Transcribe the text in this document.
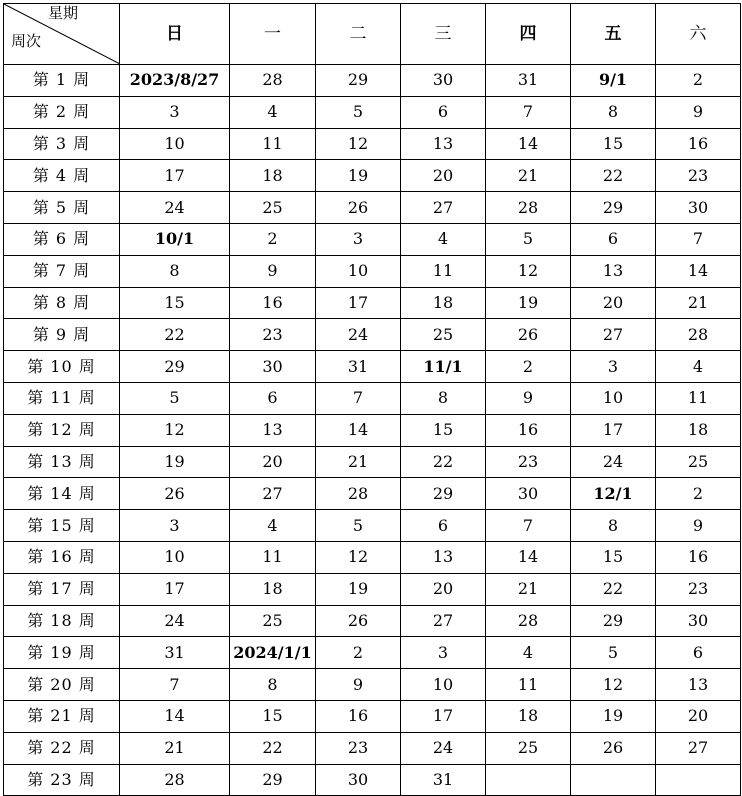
星期
周次	日	一	二	三	四	五	六
第 1 周	2023/8/27	28	29	30	31	9/1	2
第 2 周	3	4	5	6	7	8	9
第 3 周	10	11	12	13	14	15	16
第 4 周	17	18	19	20	21	22	23
第 5 周	24	25	26	27	28	29	30
第 6 周	10/1	2	3	4	5	6	7
第 7 周	8	9	10	11	12	13	14
第 8 周	15	16	17	18	19	20	21
第 9 周	22	23	24	25	26	27	28
第 10 周	29	30	31	11/1	2	3	4
第 11 周	5	6	7	8	9	10	11
第 12 周	12	13	14	15	16	17	18
第 13 周	19	20	21	22	23	24	25
第 14 周	26	27	28	29	30	12/1	2
第 15 周	3	4	5	6	7	8	9
第 16 周	10	11	12	13	14	15	16
第 17 周	17	18	19	20	21	22	23
第 18 周	24	25	26	27	28	29	30
第 19 周	31	2024/1/1	2	3	4	5	6
第 20 周	7	8	9	10	11	12	13
第 21 周	14	15	16	17	18	19	20
第 22 周	21	22	23	24	25	26	27
第 23 周	28	29	30	31			
